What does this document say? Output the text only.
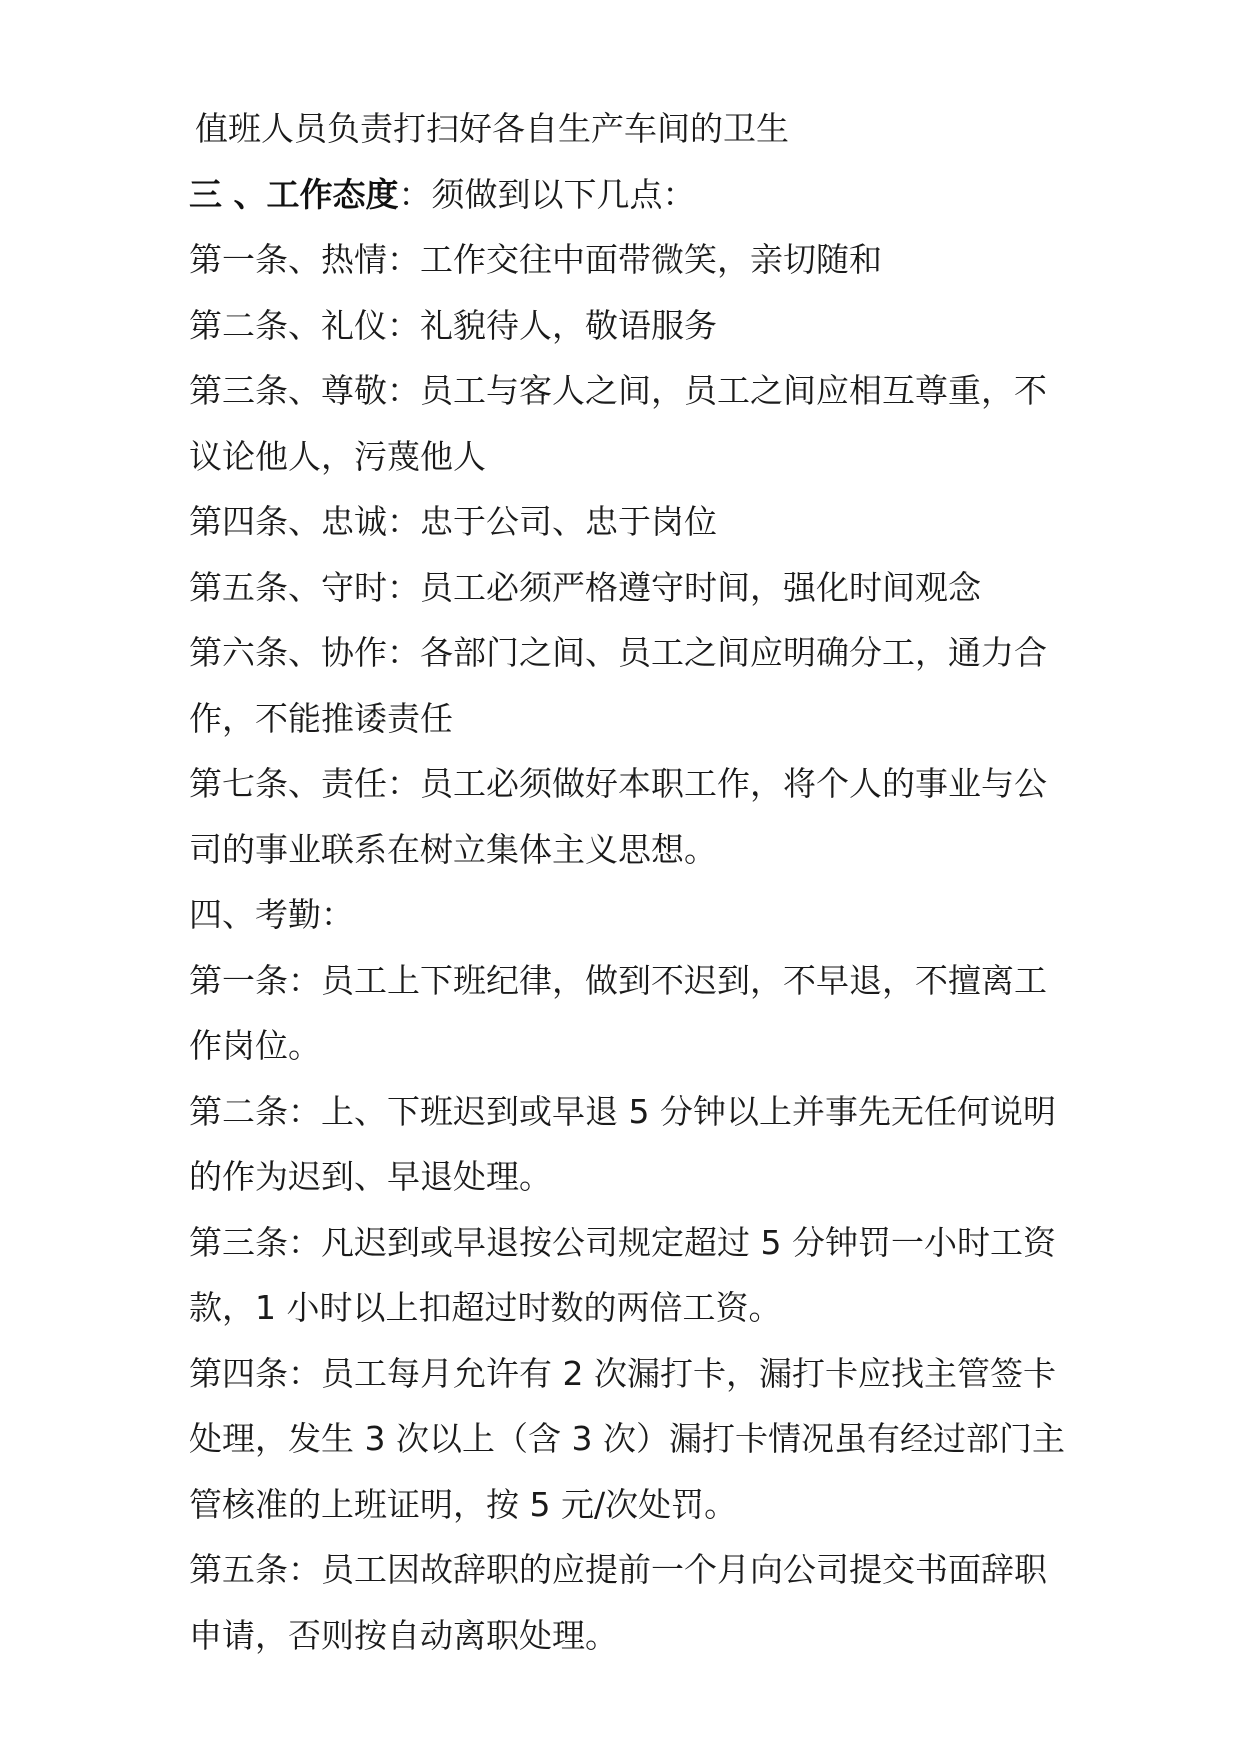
值班人员负责打扫好各自生产车间的卫生
三 、工作态度：须做到以下几点：
第一条、热情：工作交往中面带微笑，亲切随和
第二条、礼仪：礼貌待人，敬语服务
第三条、尊敬：员工与客人之间，员工之间应相互尊重，不
议论他人，污蔑他人
第四条、忠诚：忠于公司、忠于岗位
第五条、守时：员工必须严格遵守时间，强化时间观念
第六条、协作：各部门之间、员工之间应明确分工，通力合
作，不能推诿责任
第七条、责任：员工必须做好本职工作，将个人的事业与公
司的事业联系在树立集体主义思想。
四、考勤：
第一条：员工上下班纪律，做到不迟到，不早退，不擅离工
作岗位。
第二条：上、下班迟到或早退 5 分钟以上并事先无任何说明
的作为迟到、早退处理。
第三条：凡迟到或早退按公司规定超过 5 分钟罚一小时工资
款，1 小时以上扣超过时数的两倍工资。
第四条：员工每月允许有 2 次漏打卡，漏打卡应找主管签卡
处理，发生 3 次以上（含 3 次）漏打卡情况虽有经过部门主
管核准的上班证明，按 5 元/次处罚。
第五条：员工因故辞职的应提前一个月向公司提交书面辞职
申请，否则按自动离职处理。
